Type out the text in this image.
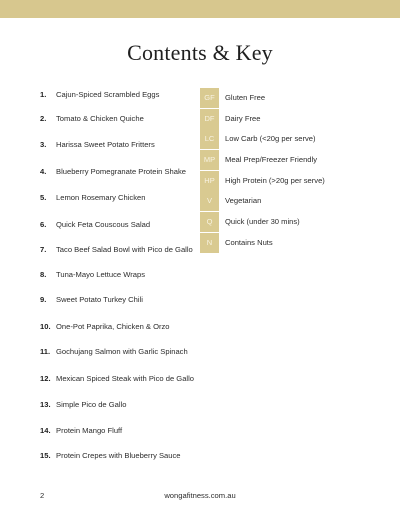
Contents & Key
1.	Cajun-Spiced Scrambled Eggs
2.	Tomato & Chicken Quiche
3.	Harissa Sweet Potato Fritters
4.	Blueberry Pomegranate Protein Shake
5.	Lemon Rosemary Chicken
6.	Quick Feta Couscous Salad
7.	Taco Beef Salad Bowl with Pico de Gallo
8.	Tuna-Mayo Lettuce Wraps
9.	Sweet Potato Turkey Chili
10. One-Pot Paprika, Chicken & Orzo
11. Gochujang Salmon with Garlic Spinach
12. Mexican Spiced Steak with Pico de Gallo
13. Simple Pico de Gallo
14. Protein Mango Fluff
15. Protein Crepes with Blueberry Sauce
GF	Gluten Free
DF	Dairy Free
LC	Low Carb (<20g per serve)
MP	Meal Prep/Freezer Friendly
HP	High Protein (>20g per serve)
V	Vegetarian
Q	Quick (under 30 mins)
N	Contains Nuts
2	wongafitness.com.au
